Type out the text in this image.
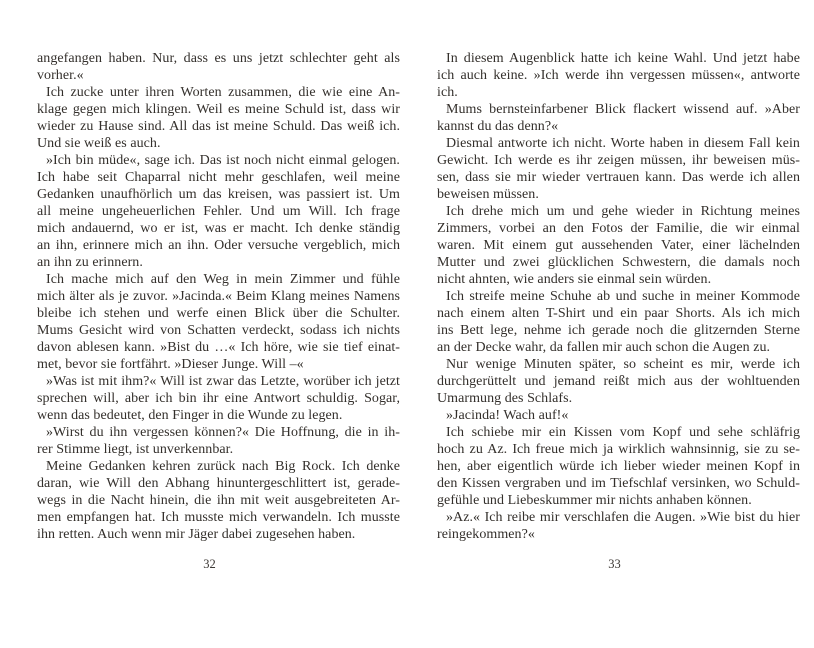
angefangen haben. Nur, dass es uns jetzt schlechter geht als
vorher.«
Ich zucke unter ihren Worten zusammen, die wie eine An-
klage gegen mich klingen. Weil es meine Schuld ist, dass wir
wieder zu Hause sind. All das ist meine Schuld. Das weiß ich.
Und sie weiß es auch.
»Ich bin müde«, sage ich. Das ist noch nicht einmal gelogen.
Ich habe seit Chaparral nicht mehr geschlafen, weil meine
Gedanken unaufhörlich um das kreisen, was passiert ist. Um
all meine ungeheuerlichen Fehler. Und um Will. Ich frage
mich andauernd, wo er ist, was er macht. Ich denke ständig
an ihn, erinnere mich an ihn. Oder versuche vergeblich, mich
an ihn zu erinnern.
Ich mache mich auf den Weg in mein Zimmer und fühle
mich älter als je zuvor. »Jacinda.« Beim Klang meines Namens
bleibe ich stehen und werfe einen Blick über die Schulter.
Mums Gesicht wird von Schatten verdeckt, sodass ich nichts
davon ablesen kann. »Bist du …« Ich höre, wie sie tief einat-
met, bevor sie fortfährt. »Dieser Junge. Will –«
»Was ist mit ihm?« Will ist zwar das Letzte, worüber ich jetzt
sprechen will, aber ich bin ihr eine Antwort schuldig. Sogar,
wenn das bedeutet, den Finger in die Wunde zu legen.
»Wirst du ihn vergessen können?« Die Hoffnung, die in ih-
rer Stimme liegt, ist unverkennbar.
Meine Gedanken kehren zurück nach Big Rock. Ich denke
daran, wie Will den Abhang hinuntergeschlittert ist, gerade-
wegs in die Nacht hinein, die ihn mit weit ausgebreiteten Ar-
men empfangen hat. Ich musste mich verwandeln. Ich musste
ihn retten. Auch wenn mir Jäger dabei zugesehen haben.
In diesem Augenblick hatte ich keine Wahl. Und jetzt habe
ich auch keine. »Ich werde ihn vergessen müssen«, antworte
ich.
Mums bernsteinfarbener Blick flackert wissend auf. »Aber
kannst du das denn?«
Diesmal antworte ich nicht. Worte haben in diesem Fall kein
Gewicht. Ich werde es ihr zeigen müssen, ihr beweisen müs-
sen, dass sie mir wieder vertrauen kann. Das werde ich allen
beweisen müssen.
Ich drehe mich um und gehe wieder in Richtung meines
Zimmers, vorbei an den Fotos der Familie, die wir einmal
waren. Mit einem gut aussehenden Vater, einer lächelnden
Mutter und zwei glücklichen Schwestern, die damals noch
nicht ahnten, wie anders sie einmal sein würden.
Ich streife meine Schuhe ab und suche in meiner Kommode
nach einem alten T-Shirt und ein paar Shorts. Als ich mich
ins Bett lege, nehme ich gerade noch die glitzernden Sterne
an der Decke wahr, da fallen mir auch schon die Augen zu.
Nur wenige Minuten später, so scheint es mir, werde ich
durchgerüttelt und jemand reißt mich aus der wohltuenden
Umarmung des Schlafs.
»Jacinda! Wach auf!«
Ich schiebe mir ein Kissen vom Kopf und sehe schläfrig
hoch zu Az. Ich freue mich ja wirklich wahnsinnig, sie zu se-
hen, aber eigentlich würde ich lieber wieder meinen Kopf in
den Kissen vergraben und im Tiefschlaf versinken, wo Schuld-
gefühle und Liebeskummer mir nichts anhaben können.
»Az.« Ich reibe mir verschlafen die Augen. »Wie bist du hier
reingekommen?«
32	33
